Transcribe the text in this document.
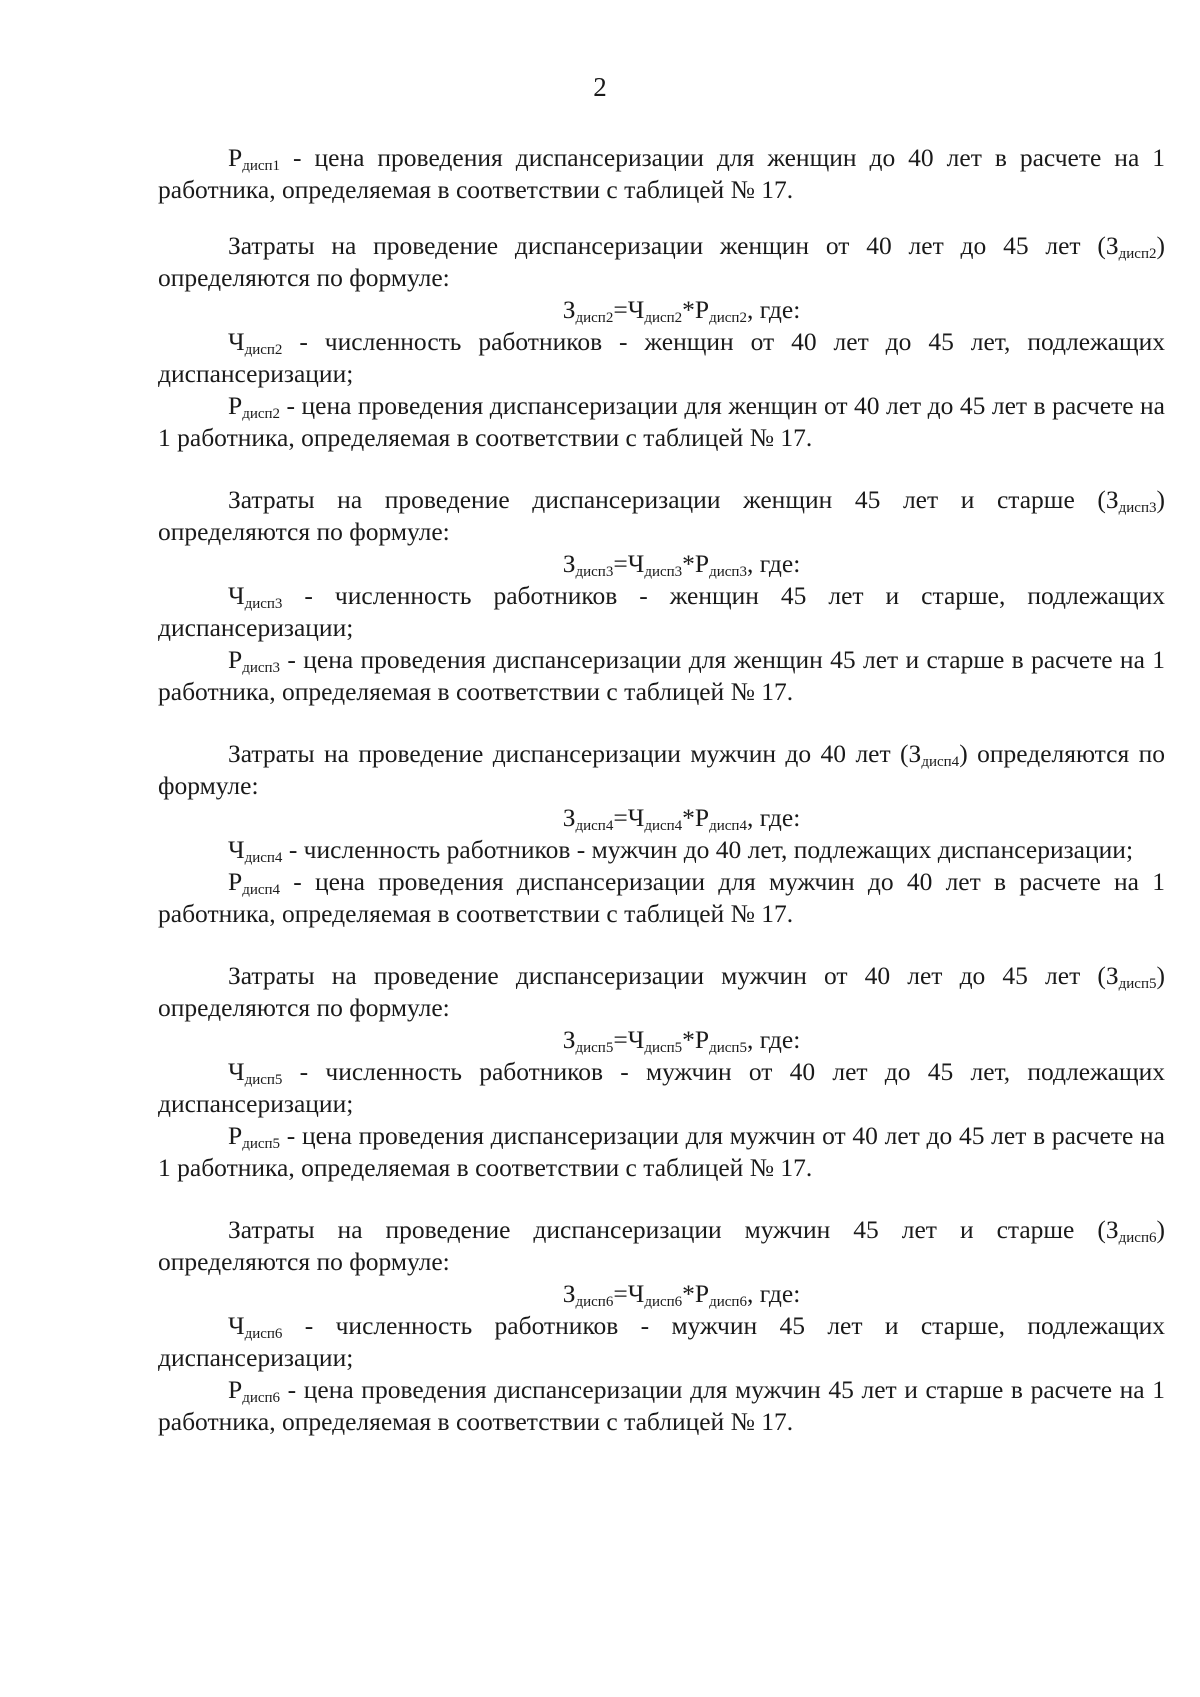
2

$Р_{дисп1}$ - цена проведения диспансеризации для женщин до 40 лет в расчете на 1 работника, определяемая в соответствии с таблицей № 17.

Затраты на проведение диспансеризации женщин от 40 лет до 45 лет $(З_{дисп2})$ определяются по формуле:

$З_{дисп2}=Ч_{дисп2}*Р_{дисп2}$, где:

$Ч_{дисп2}$ - численность работников - женщин от 40 лет до 45 лет, подлежащих диспансеризации;

$Р_{дисп2}$ - цена проведения диспансеризации для женщин от 40 лет до 45 лет в расчете на 1 работника, определяемая в соответствии с таблицей № 17.

Затраты на проведение диспансеризации женщин 45 лет и старше $(З_{дисп3})$ определяются по формуле:

$З_{дисп3}=Ч_{дисп3}*Р_{дисп3}$, где:

$Ч_{дисп3}$ - численность работников - женщин 45 лет и старше, подлежащих диспансеризации;

$Р_{дисп3}$ - цена проведения диспансеризации для женщин 45 лет и старше в расчете на 1 работника, определяемая в соответствии с таблицей № 17.

Затраты на проведение диспансеризации мужчин до 40 лет $(З_{дисп4})$ определяются по формуле:

$З_{дисп4}=Ч_{дисп4}*Р_{дисп4}$, где:

$Ч_{дисп4}$ - численность работников - мужчин до 40 лет, подлежащих диспансеризации;

$Р_{дисп4}$ - цена проведения диспансеризации для мужчин до 40 лет в расчете на 1 работника, определяемая в соответствии с таблицей № 17.

Затраты на проведение диспансеризации мужчин от 40 лет до 45 лет $(З_{дисп5})$ определяются по формуле:

$З_{дисп5}=Ч_{дисп5}*Р_{дисп5}$, где:

$Ч_{дисп5}$ - численность работников - мужчин от 40 лет до 45 лет, подлежащих диспансеризации;

$Р_{дисп5}$ - цена проведения диспансеризации для мужчин от 40 лет до 45 лет в расчете на 1 работника, определяемая в соответствии с таблицей № 17.

Затраты на проведение диспансеризации мужчин 45 лет и старше $(З_{дисп6})$ определяются по формуле:

$З_{дисп6}=Ч_{дисп6}*Р_{дисп6}$, где:

$Ч_{дисп6}$ - численность работников - мужчин 45 лет и старше, подлежащих диспансеризации;

$Р_{дисп6}$ - цена проведения диспансеризации для мужчин 45 лет и старше в расчете на 1 работника, определяемая в соответствии с таблицей № 17.
